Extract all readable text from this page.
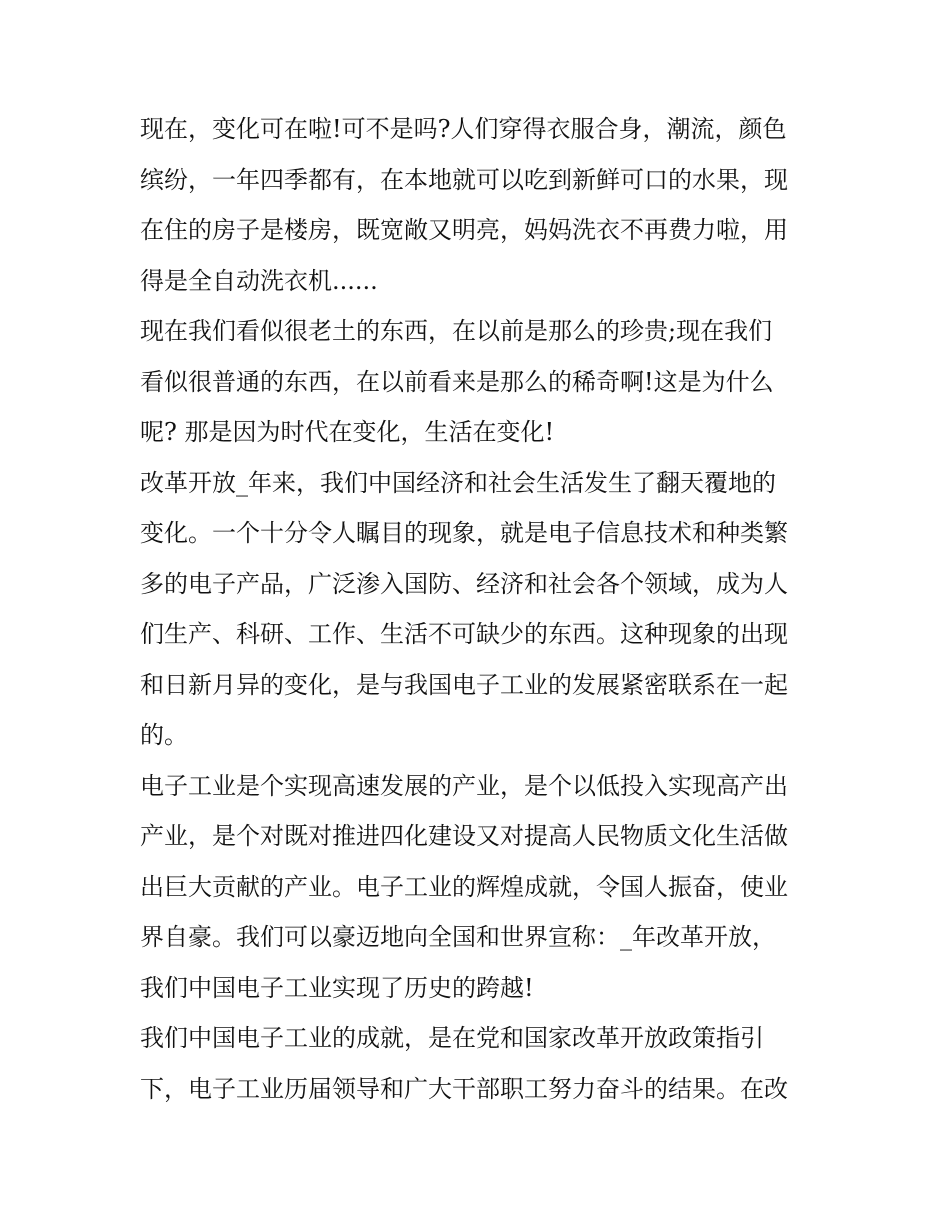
现在，变化可在啦!可不是吗?人们穿得衣服合身，潮流，颜色
缤纷，一年四季都有，在本地就可以吃到新鲜可口的水果，现
在住的房子是楼房，既宽敞又明亮，妈妈洗衣不再费力啦，用
得是全自动洗衣机......
现在我们看似很老土的东西，在以前是那么的珍贵;现在我们
看似很普通的东西，在以前看来是那么的稀奇啊!这是为什么
呢? 那是因为时代在变化，生活在变化!
改革开放_年来，我们中国经济和社会生活发生了翻天覆地的
变化。一个十分令人瞩目的现象，就是电子信息技术和种类繁
多的电子产品，广泛渗入国防、经济和社会各个领域，成为人
们生产、科研、工作、生活不可缺少的东西。这种现象的出现
和日新月异的变化，是与我国电子工业的发展紧密联系在一起
的。
电子工业是个实现高速发展的产业，是个以低投入实现高产出
产业，是个对既对推进四化建设又对提高人民物质文化生活做
出巨大贡献的产业。电子工业的辉煌成就，令国人振奋，使业
界自豪。我们可以豪迈地向全国和世界宣称：_年改革开放，
我们中国电子工业实现了历史的跨越!
我们中国电子工业的成就，是在党和国家改革开放政策指引
下，电子工业历届领导和广大干部职工努力奋斗的结果。在改
